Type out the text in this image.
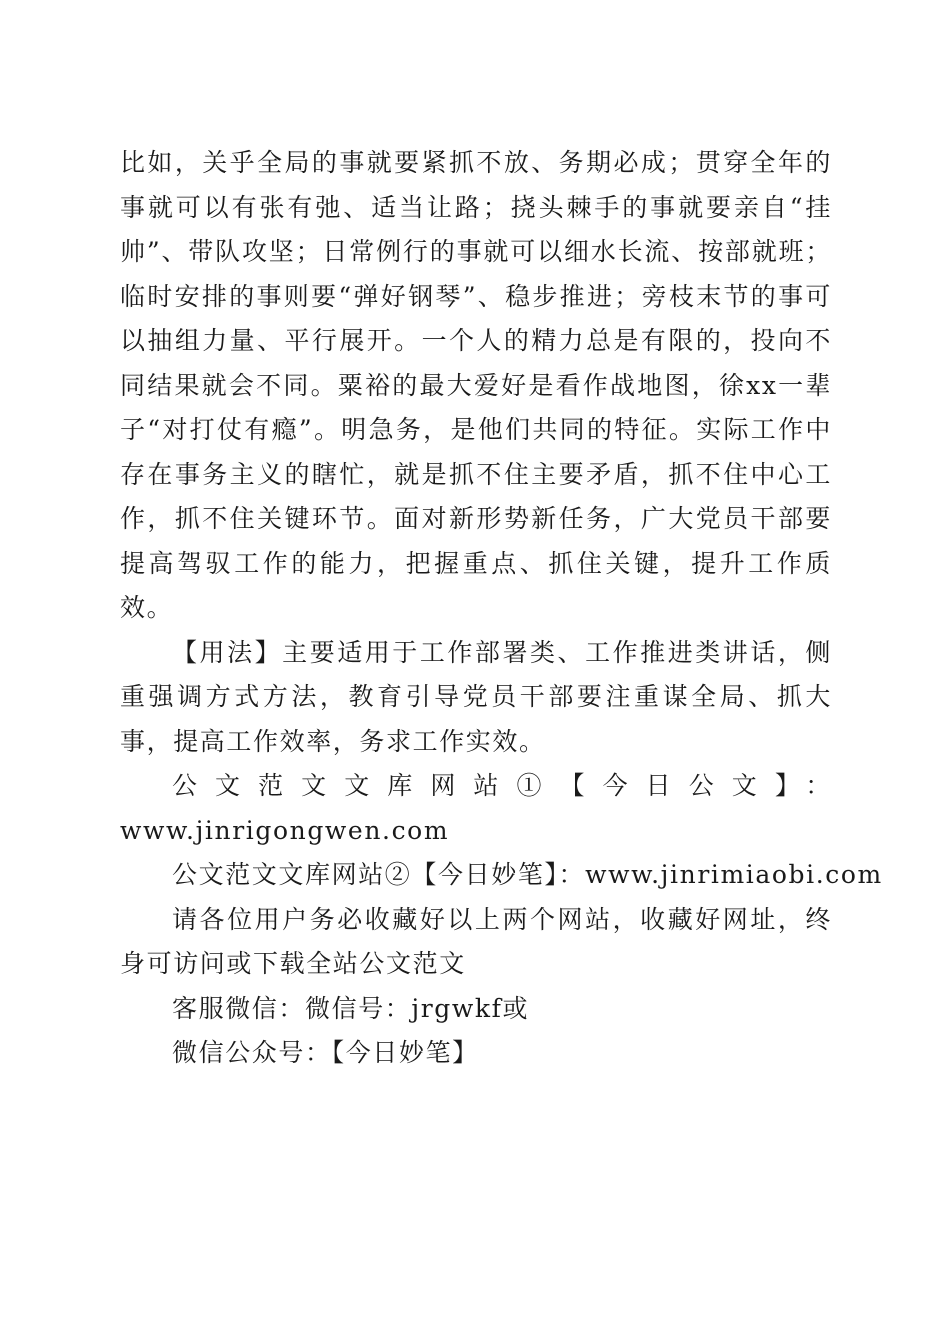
比如，关乎全局的事就要紧抓不放、务期必成；贯穿全年的事就可以有张有弛、适当让路；挠头棘手的事就要亲自“挂帅”、带队攻坚；日常例行的事就可以细水长流、按部就班；临时安排的事则要“弹好钢琴”、稳步推进；旁枝末节的事可以抽组力量、平行展开。一个人的精力总是有限的，投向不同结果就会不同。粟裕的最大爱好是看作战地图，徐xx一辈子“对打仗有瘾”。明急务，是他们共同的特征。实际工作中存在事务主义的瞎忙，就是抓不住主要矛盾，抓不住中心工作，抓不住关键环节。面对新形势新任务，广大党员干部要提高驾驭工作的能力，把握重点、抓住关键，提升工作质效。

【用法】主要适用于工作部署类、工作推进类讲话，侧重强调方式方法，教育引导党员干部要注重谋全局、抓大事，提高工作效率，务求工作实效。

公文范文文库网站①【今日公文】：

www.jinrigongwen.com

公文范文文库网站②【今日妙笔】：www.jinrimiaobi.com

请各位用户务必收藏好以上两个网站，收藏好网址，终身可访问或下载全站公文范文

客服微信：微信号：jrgwkf或

微信公众号：【今日妙笔】
